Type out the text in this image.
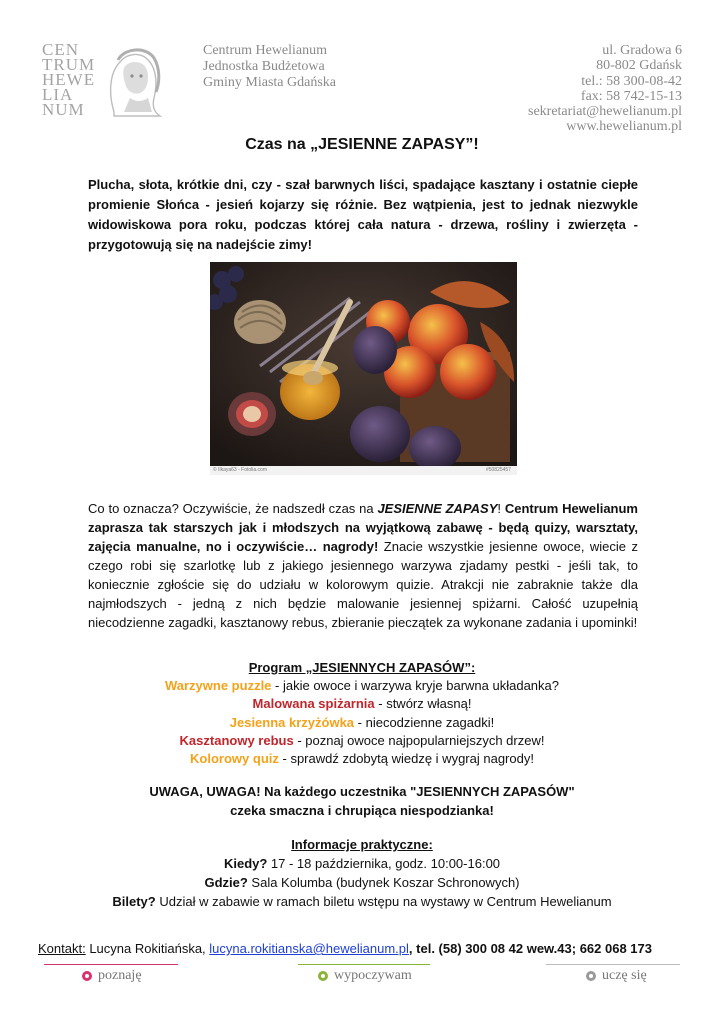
CEN
TRUM
HEWE
LIA
NUM
Centrum Hewelianum
Jednostka Budżetowa
Gminy Miasta Gdańska
ul. Gradowa 6
80-802 Gdańsk
tel.: 58 300-08-42
fax: 58 742-15-13
sekretariat@hewelianum.pl
www.hewelianum.pl
Czas na „JESIENNE ZAPASY”!
Plucha, słota, krótkie dni, czy - szał barwnych liści, spadające kasztany i ostatnie ciepłe promienie Słońca - jesień kojarzy się różnie. Bez wątpienia, jest to jednak niezwykle widowiskowa pora roku, podczas której cała natura - drzewa, rośliny i zwierzęta - przygotowują się na nadejście zimy!
© Ilkaya63 - Fotolia.com	#50825457
Co to oznacza? Oczywiście, że nadszedł czas na JESIENNE ZAPASY! Centrum Hewelianum zaprasza tak starszych jak i młodszych na wyjątkową zabawę - będą quizy, warsztaty, zajęcia manualne, no i oczywiście… nagrody! Znacie wszystkie jesienne owoce, wiecie z czego robi się szarlotkę lub z jakiego jesiennego warzywa zjadamy pestki - jeśli tak, to koniecznie zgłoście się do udziału w kolorowym quizie. Atrakcji nie zabraknie także dla najmłodszych - jedną z nich będzie malowanie jesiennej spiżarni. Całość uzupełnią niecodzienne zagadki, kasztanowy rebus, zbieranie pieczątek za wykonane zadania i upominki!
Program „JESIENNYCH ZAPASÓW”:
Warzywne puzzle - jakie owoce i warzywa kryje barwna układanka?
Malowana spiżarnia - stwórz własną!
Jesienna krzyżówka - niecodzienne zagadki!
Kasztanowy rebus - poznaj owoce najpopularniejszych drzew!
Kolorowy quiz - sprawdź zdobytą wiedzę i wygraj nagrody!
UWAGA, UWAGA! Na każdego uczestnika "JESIENNYCH ZAPASÓW"
czeka smaczna i chrupiąca niespodzianka!
Informacje praktyczne:
Kiedy? 17 - 18 października, godz. 10:00-16:00
Gdzie? Sala Kolumba (budynek Koszar Schronowych)
Bilety? Udział w zabawie w ramach biletu wstępu na wystawy w Centrum Hewelianum
Kontakt: Lucyna Rokitiańska, lucyna.rokitianska@hewelianum.pl, tel. (58) 300 08 42 wew.43; 662 068 173
poznaję	wypoczywam	uczę się
